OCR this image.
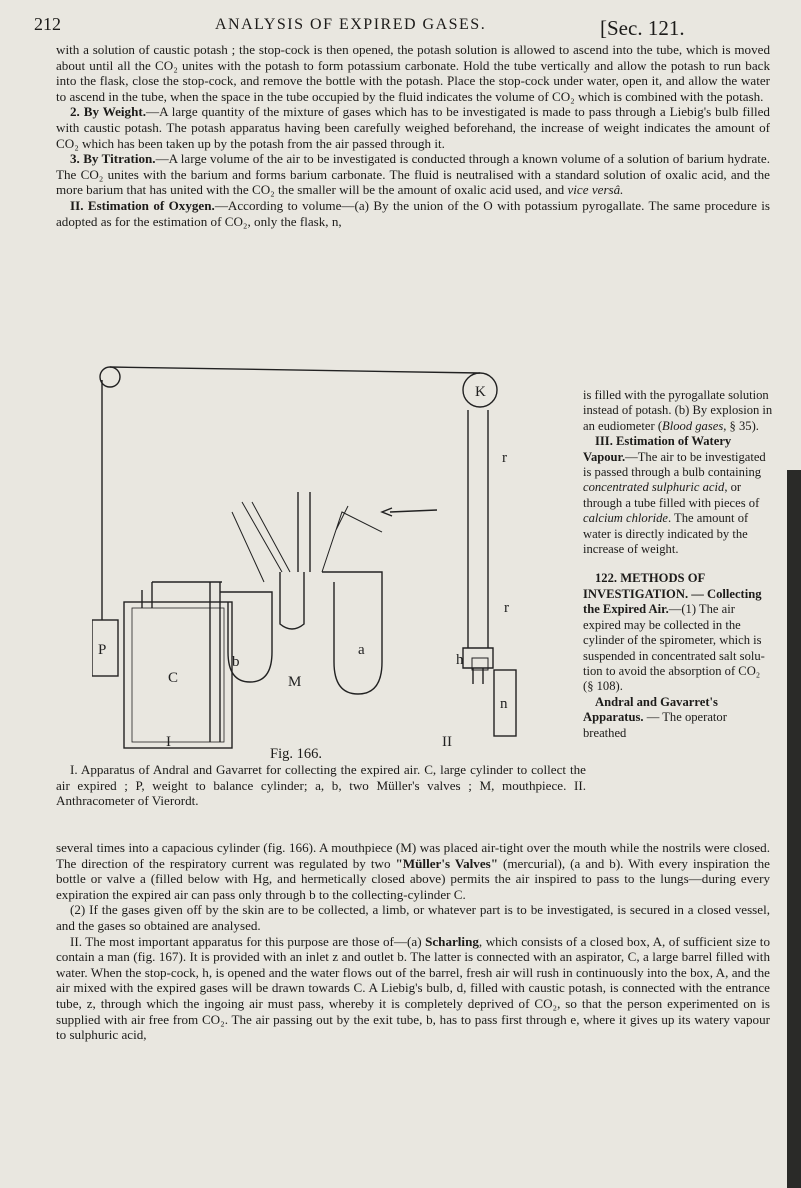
212	ANALYSIS OF EXPIRED GASES.	[Sec. 121.

with a solution of caustic potash ; the stop-cock is then opened, the potash solution is allowed to ascend into the tube, which is moved about until all the CO₂ unites with the potash to form potassium carbonate. Hold the tube vertically and allow the potash to run back into the flask, close the stop-cock, and remove the bottle with the potash. Place the stop-cock under water, open it, and allow the water to ascend in the tube, when the space in the tube occupied by the fluid indicates the volume of CO₂ which is combined with the potash.

2. By Weight.—A large quantity of the mixture of gases which has to be investigated is made to pass through a Liebig's bulb filled with caustic potash. The potash apparatus having been carefully weighed beforehand, the increase of weight indicates the amount of CO₂ which has been taken up by the potash from the air passed through it.

3. By Titration.—A large volume of the air to be investigated is conducted through a known volume of a solution of barium hydrate. The CO₂ unites with the barium and forms barium carbonate. The fluid is neutralised with a standard solution of oxalic acid, and the more barium that has united with the CO₂ the smaller will be the amount of oxalic acid used, and vice versâ.

II. Estimation of Oxygen.—According to volume—(a) By the union of the O with potassium pyrogallate. The same procedure is adopted as for the estimation of CO₂, only the flask, n,

is filled with the pyrogallate solution instead of potash. (b) By explosion in an eudiometer (Blood gases, § 35).

III. Estimation of Watery Vapour.—The air to be investigated is passed through a bulb containing concentrated sulphuric acid, or through a tube filled with pieces of calcium chloride. The amount of water is directly indicated by the increase of weight.

122. METHODS OF INVESTIGATION. — Collecting the Expired Air.—(1) The air expired may be collected in the cylinder of the spirometer, which is suspended in concentrated salt solution to avoid the absorption of CO₂ (§ 108).

Andral and Gavarret's Apparatus. — The operator breathed

K
r
r
P
C
b
a
M
h
n
I	II
Fig. 166.

I. Apparatus of Andral and Gavarret for collecting the expired air. C, large cylinder to collect the air expired ; P, weight to balance cylinder; a, b, two Müller's valves ; M, mouthpiece. II. Anthracometer of Vierordt.

several times into a capacious cylinder (fig. 166). A mouthpiece (M) was placed air-tight over the mouth while the nostrils were closed. The direction of the respiratory current was regulated by two "Müller's Valves" (mercurial), (a and b). With every inspiration the bottle or valve a (filled below with Hg, and hermetically closed above) permits the air inspired to pass to the lungs—during every expiration the expired air can pass only through b to the collecting-cylinder C.

(2) If the gases given off by the skin are to be collected, a limb, or whatever part is to be investigated, is secured in a closed vessel, and the gases so obtained are analysed.

II. The most important apparatus for this purpose are those of—(a) Scharling, which consists of a closed box, A, of sufficient size to contain a man (fig. 167). It is provided with an inlet z and outlet b. The latter is connected with an aspirator, C, a large barrel filled with water. When the stop-cock, h, is opened and the water flows out of the barrel, fresh air will rush in continuously into the box, A, and the air mixed with the expired gases will be drawn towards C. A Liebig's bulb, d, filled with caustic potash, is connected with the entrance tube, z, through which the ingoing air must pass, whereby it is completely deprived of CO₂, so that the person experimented on is supplied with air free from CO₂. The air passing out by the exit tube, b, has to pass first through e, where it gives up its watery vapour to sulphuric acid,
